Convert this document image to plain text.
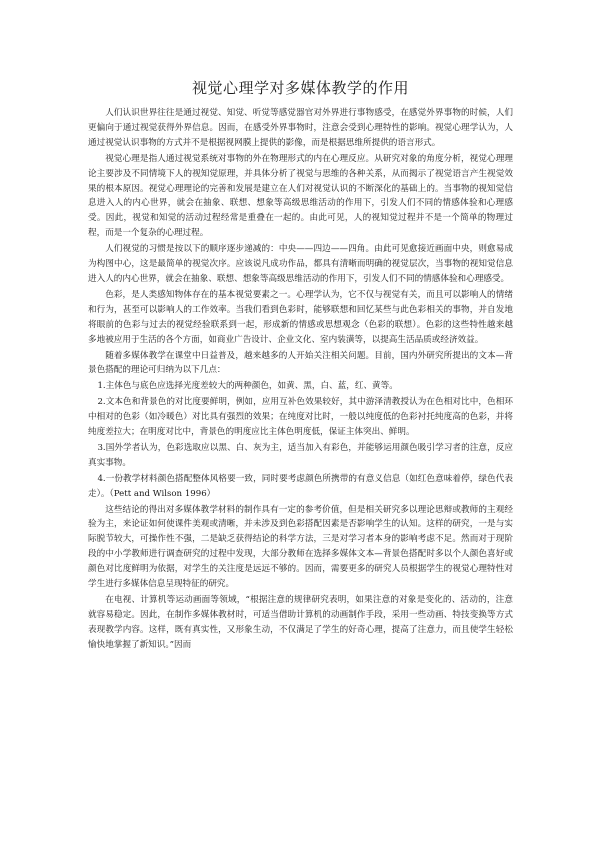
视觉心理学对多媒体教学的作用

人们认识世界往往是通过视觉、知觉、听觉等感觉器官对外界进行事物感受，在感觉外界事物的时候，人们更偏向于通过视觉获得外界信息。因而，在感受外界事物时，注意会受到心理特性的影响。视觉心理学认为，人通过视觉认识事物的方式并不是根据视网膜上提供的影像，而是根据思维所提供的语言形式。

视觉心理是指人通过视觉系统对事物的外在物理形式的内在心理反应。从研究对象的角度分析，视觉心理理论主要涉及不同情境下人的视知觉原理，并具体分析了视觉与思维的各种关系，从而揭示了视觉语言产生视觉效果的根本原因。视觉心理理论的完善和发展是建立在人们对视觉认识的不断深化的基础上的。当事物的视知觉信息进入人的内心世界，就会在抽象、联想、想象等高级思维活动的作用下，引发人们不同的情感体验和心理感受。因此，视觉和知觉的活动过程经常是重叠在一起的。由此可见，人的视知觉过程并不是一个简单的物理过程，而是一个复杂的心理过程。

人们视觉的习惯是按以下的顺序逐步递减的：中央——四边——四角。由此可见愈接近画面中央，则愈易成为构图中心，这是最简单的视觉次序。应该说凡成功作品，都具有清晰而明确的视觉层次，当事物的视知觉信息进入人的内心世界，就会在抽象、联想、想象等高级思维活动的作用下，引发人们不同的情感体验和心理感受。

色彩，是人类感知物体存在的基本视觉要素之一。心理学认为，它不仅与视觉有关，而且可以影响人的情绪和行为，甚至可以影响人的工作效率。当我们看到色彩时，能够联想和回忆某些与此色彩相关的事物，并自发地将眼前的色彩与过去的视觉经验联系到一起，形成新的情感或思想观念（色彩的联想）。色彩的这些特性越来越多地被应用于生活的各个方面，如商业广告设计、企业文化、室内装潢等，以提高生活品质或经济效益。

随着多媒体教学在课堂中日益普及，越来越多的人开始关注相关问题。目前，国内外研究所提出的文本—背景色搭配的理论可归纳为以下几点：

1.主体色与底色应选择光度差较大的两种颜色，如黄、黑，白、蓝，红、黄等。

2.文本色和背景色的对比度要鲜明，例如，应用互补色效果较好，其中游泽清教授认为在色相对比中，色相环中相对的色彩（如冷暖色）对比具有强烈的效果；在纯度对比时，一般以纯度低的色彩衬托纯度高的色彩，并将纯度差拉大；在明度对比中，背景色的明度应比主体色明度低，保证主体突出、鲜明。

3.国外学者认为，色彩选取应以黑、白、灰为主，适当加入有彩色，并能够运用颜色吸引学习者的注意，反应真实事物。

4.一份教学材料颜色搭配整体风格要一致，同时要考虑颜色所携带的有意义信息（如红色意味着停，绿色代表走）。（Pett and Wilson 1996）

这些结论的得出对多媒体教学材料的制作具有一定的参考价值，但是相关研究多以理论思辩或教师的主观经验为主，来论证如何使课件美观或清晰，并未涉及到色彩搭配因素是否影响学生的认知。这样的研究，一是与实际脱节较大，可操作性不强，二是缺乏获得结论的科学方法，三是对学习者本身的影响考虑不足。然而对于现阶段的中小学教师进行调查研究的过程中发现，大部分教师在选择多媒体文本—背景色搭配时多以个人颜色喜好或颜色对比度鲜明为依据，对学生的关注度是远远不够的。因而，需要更多的研究人员根据学生的视觉心理特性对学生进行多媒体信息呈现特征的研究。

在电视、计算机等运动画面等领域，“根据注意的规律研究表明，如果注意的对象是变化的、活动的，注意就容易稳定。因此，在制作多媒体教材时，可适当借助计算机的动画制作手段，采用一些动画、特技变换等方式表现教学内容。这样，既有真实性，又形象生动，不仅满足了学生的好奇心理，提高了注意力，而且使学生轻松愉快地掌握了新知识。”因而
